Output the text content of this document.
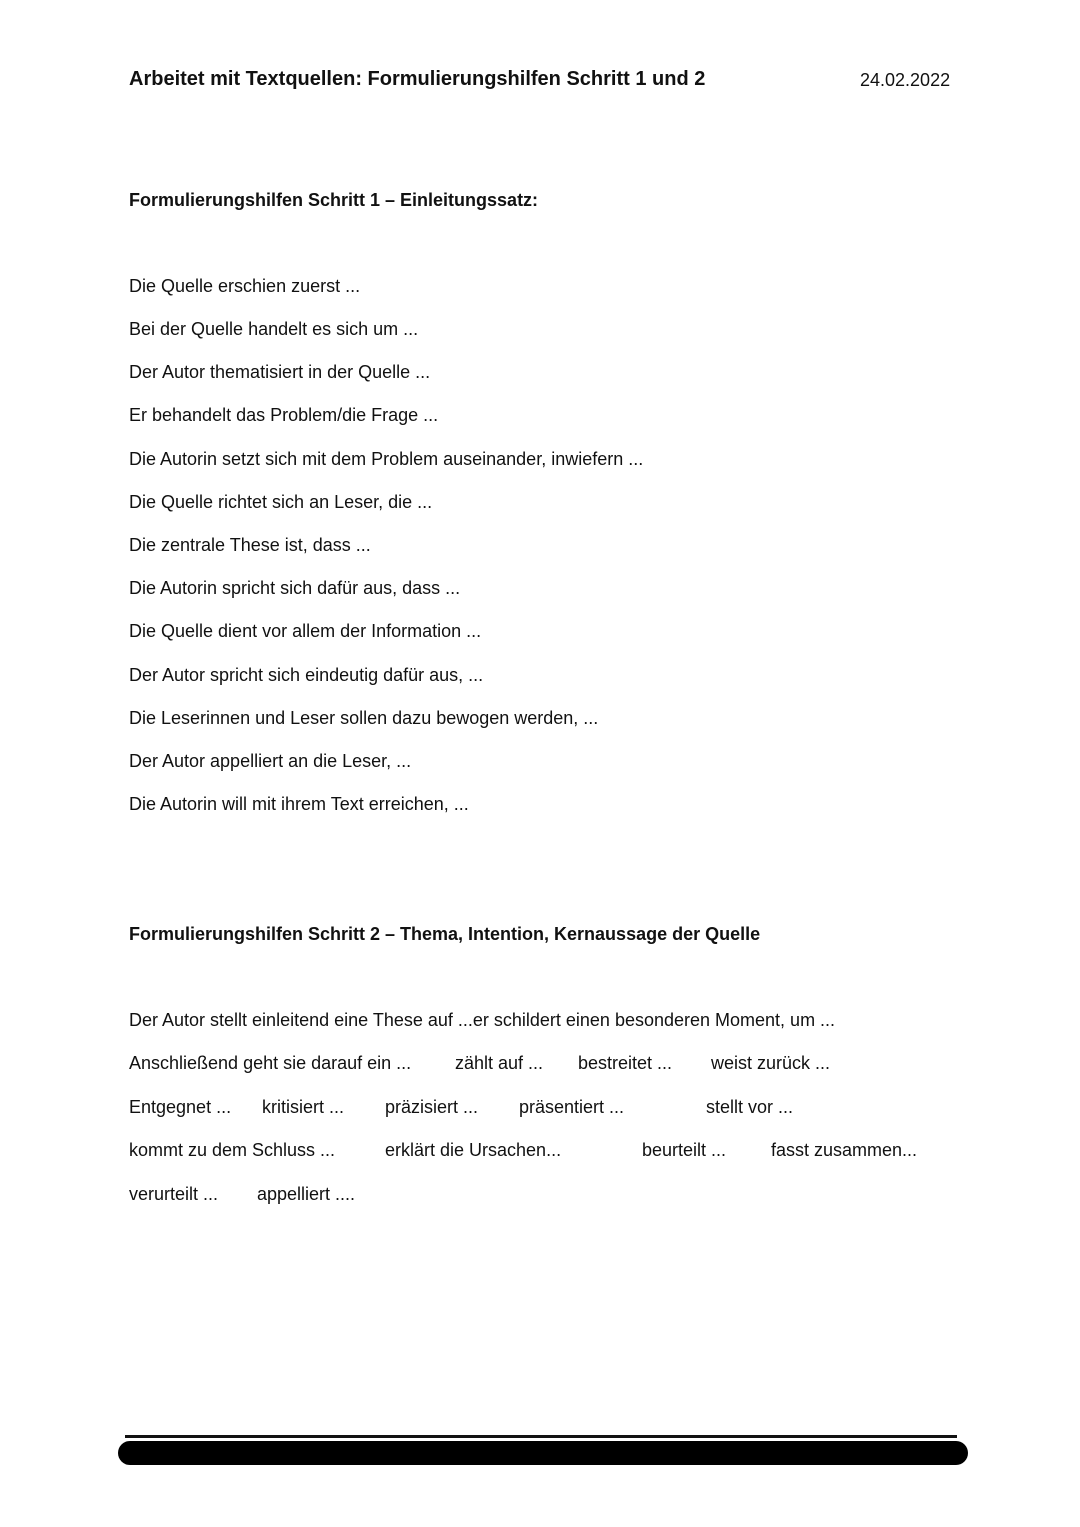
Arbeitet mit Textquellen: Formulierungshilfen Schritt 1 und 2	24.02.2022
Formulierungshilfen Schritt 1 – Einleitungssatz:
Die Quelle erschien zuerst ...
Bei der Quelle handelt es sich um ...
Der Autor thematisiert in der Quelle ...
Er behandelt das Problem/die Frage ...
Die Autorin setzt sich mit dem Problem auseinander, inwiefern ...
Die Quelle richtet sich an Leser, die ...
Die zentrale These ist, dass ...
Die Autorin spricht sich dafür aus, dass ...
Die Quelle dient vor allem der Information ...
Der Autor spricht sich eindeutig dafür aus, ...
Die Leserinnen und Leser sollen dazu bewogen werden, ...
Der Autor appelliert an die Leser, ...
Die Autorin will mit ihrem Text erreichen, ...
Formulierungshilfen Schritt 2 – Thema, Intention, Kernaussage der Quelle
Der Autor stellt einleitend eine These auf ...er schildert einen besonderen Moment, um ...
Anschließend geht sie darauf ein ... zählt auf ... bestreitet ... weist zurück ...
Entgegnet ... kritisiert ... präzisiert ... präsentiert ...	stellt vor ...
kommt zu dem Schluss ...	erklärt die Ursachen...	beurteilt ... fasst zusammen...
verurteilt ... appelliert ....
